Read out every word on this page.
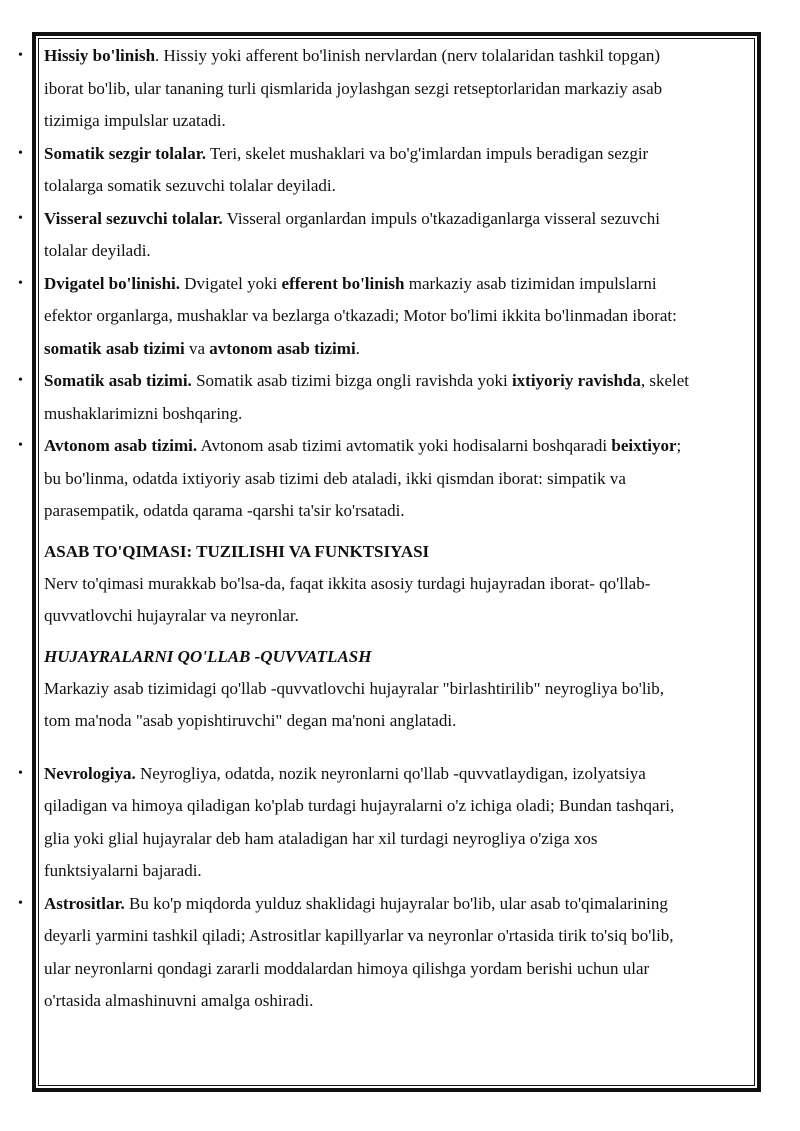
• Hissiy bo'linish. Hissiy yoki afferent bo'linish nervlardan (nerv tolalaridan tashkil topgan) iborat bo'lib, ular tananing turli qismlarida joylashgan sezgi retseptorlaridan markaziy asab tizimiga impulslar uzatadi.
• Somatik sezgir tolalar. Teri, skelet mushaklari va bo'g'imlardan impuls beradigan sezgir tolalarga somatik sezuvchi tolalar deyiladi.
• Visseral sezuvchi tolalar. Visseral organlardan impuls o'tkazadiganlarga visseral sezuvchi tolalar deyiladi.
• Dvigatel bo'linishi. Dvigatel yoki efferent bo'linish markaziy asab tizimidan impulslarni efektor organlarga, mushaklar va bezlarga o'tkazadi; Motor bo'limi ikkita bo'linmadan iborat: somatik asab tizimi va avtonom asab tizimi.
• Somatik asab tizimi. Somatik asab tizimi bizga ongli ravishda yoki ixtiyoriy ravishda, skelet mushaklarimizni boshqaring.
• Avtonom asab tizimi. Avtonom asab tizimi avtomatik yoki hodisalarni boshqaradi beixtiyor; bu bo'linma, odatda ixtiyoriy asab tizimi deb ataladi, ikki qismdan iborat: simpatik va parasempatik, odatda qarama -qarshi ta'sir ko'rsatadi.
ASAB TO'QIMASI: TUZILISHI VA FUNKTSIYASI
Nerv to'qimasi murakkab bo'lsa-da, faqat ikkita asosiy turdagi hujayradan iborat- qo'llab-quvvatlovchi hujayralar va neyronlar.
HUJAYRALARNI QO'LLAB -QUVVATLASH
Markaziy asab tizimidagi qo'llab -quvvatlovchi hujayralar "birlashtirilib" neyrogliya bo'lib, tom ma'noda "asab yopishtiruvchi" degan ma'noni anglatadi.
• Nevrologiya. Neyrogliya, odatda, nozik neyronlarni qo'llab -quvvatlaydigan, izolyatsiya qiladigan va himoya qiladigan ko'plab turdagi hujayralarni o'z ichiga oladi; Bundan tashqari, glia yoki glial hujayralar deb ham ataladigan har xil turdagi neyrogliya o'ziga xos funktsiyalarni bajaradi.
• Astrositlar. Bu ko'p miqdorda yulduz shaklidagi hujayralar bo'lib, ular asab to'qimalarining deyarli yarmini tashkil qiladi; Astrositlar kapillyarlar va neyronlar o'rtasida tirik to'siq bo'lib, ular neyronlarni qondagi zararli moddalardan himoya qilishga yordam berishi uchun ular o'rtasida almashinuvni amalga oshiradi.
